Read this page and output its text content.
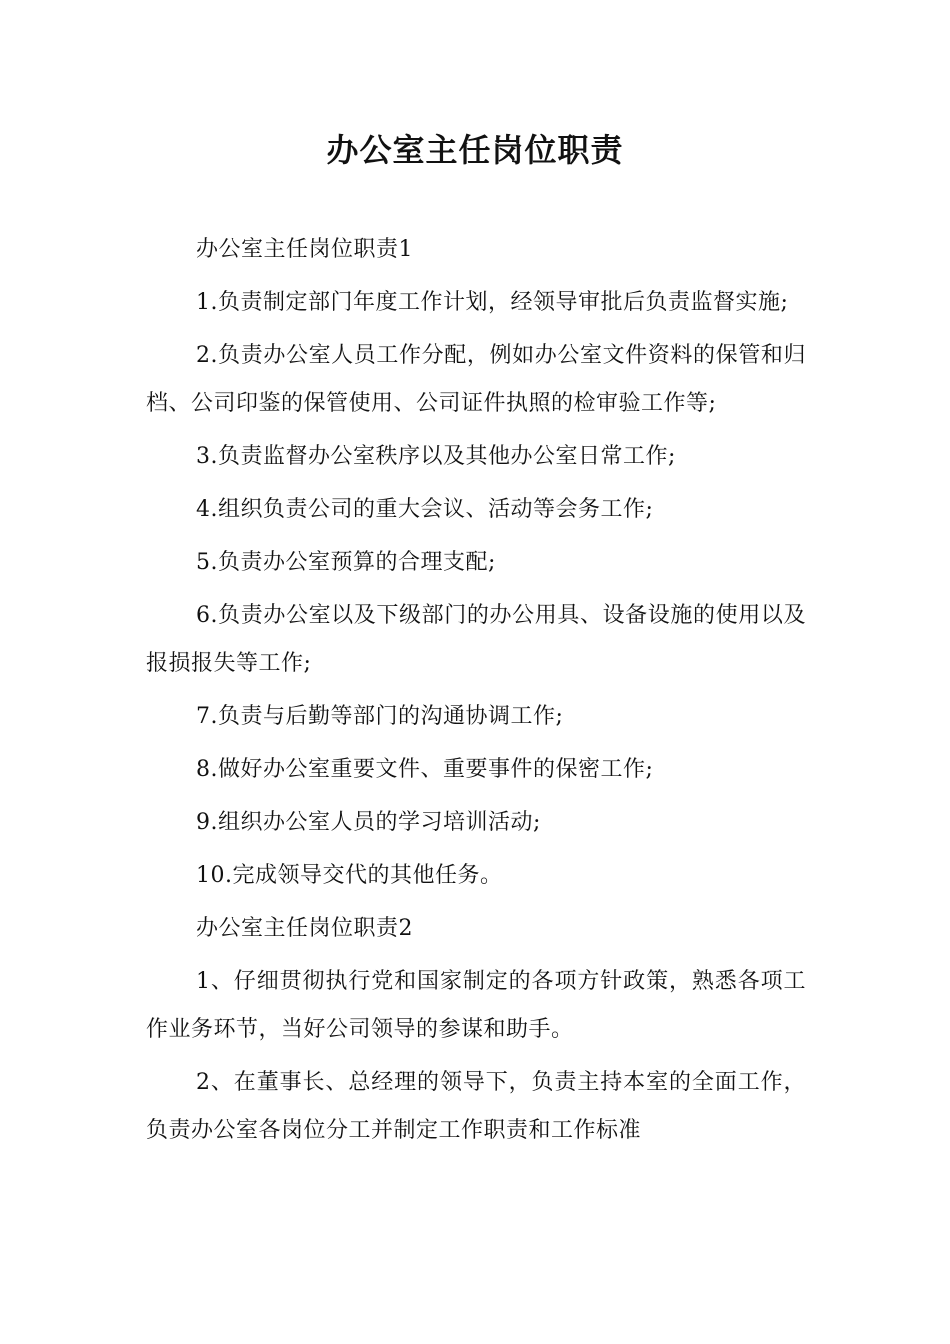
办公室主任岗位职责

办公室主任岗位职责1

1.负责制定部门年度工作计划，经领导审批后负责监督实施;

2.负责办公室人员工作分配，例如办公室文件资料的保管和归档、公司印鉴的保管使用、公司证件执照的检审验工作等;

3.负责监督办公室秩序以及其他办公室日常工作;

4.组织负责公司的重大会议、活动等会务工作;

5.负责办公室预算的合理支配;

6.负责办公室以及下级部门的办公用具、设备设施的使用以及报损报失等工作;

7.负责与后勤等部门的沟通协调工作;

8.做好办公室重要文件、重要事件的保密工作;

9.组织办公室人员的学习培训活动;

10.完成领导交代的其他任务。

办公室主任岗位职责2

1、仔细贯彻执行党和国家制定的各项方针政策，熟悉各项工作业务环节，当好公司领导的参谋和助手。

2、在董事长、总经理的领导下，负责主持本室的全面工作，负责办公室各岗位分工并制定工作职责和工作标准
